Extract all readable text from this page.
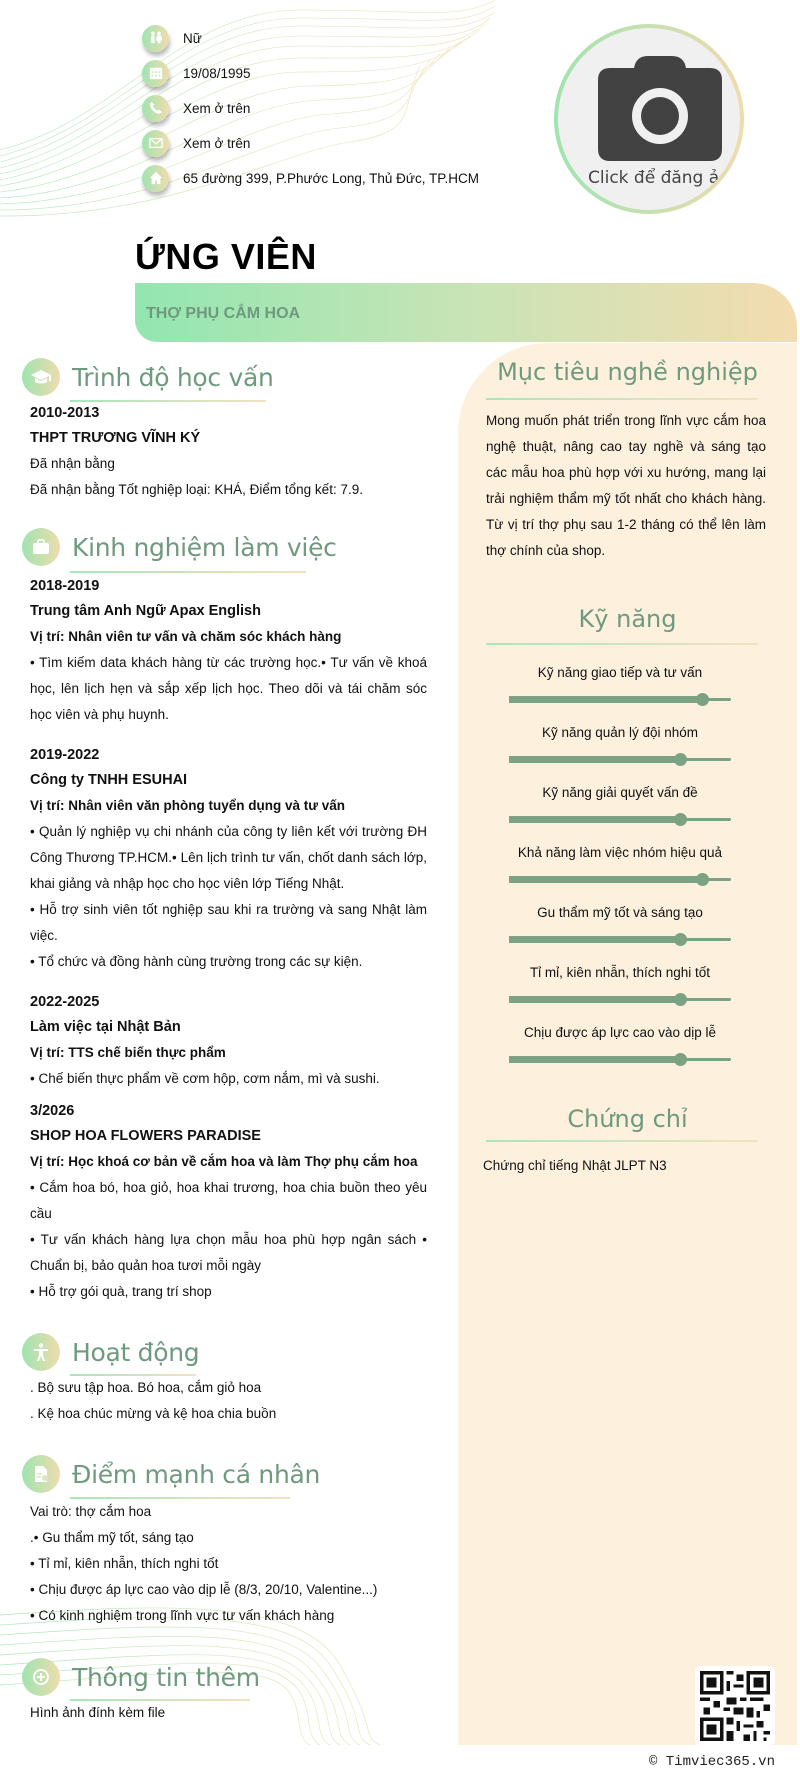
Nữ
19/08/1995
Xem ở trên
Xem ở trên
65 đường 399, P.Phước Long, Thủ Đức, TP.HCM	Click để đăng ả
ỨNG VIÊN
THỢ PHỤ CẮM HOA
Trình độ học vấn
2010-2013
THPT TRƯƠNG VĨNH KÝ
Đã nhận bằng
Đã nhận bằng Tốt nghiệp loại: KHÁ, Điểm tổng kết: 7.9.
Kinh nghiệm làm việc
2018-2019
Trung tâm Anh Ngữ Apax English
Vị trí: Nhân viên tư vấn và chăm sóc khách hàng
• Tìm kiếm data khách hàng từ các trường học.• Tư vấn về khoá học, lên lịch hẹn và sắp xếp lịch học. Theo dõi và tái chăm sóc học viên và phụ huynh.
2019-2022
Công ty TNHH ESUHAI
Vị trí: Nhân viên văn phòng tuyển dụng và tư vấn
• Quản lý nghiệp vụ chi nhánh của công ty liên kết với trường ĐH Công Thương TP.HCM.• Lên lịch trình tư vấn, chốt danh sách lớp, khai giảng và nhập học cho học viên lớp Tiếng Nhật.
• Hỗ trợ sinh viên tốt nghiệp sau khi ra trường và sang Nhật làm việc.
• Tổ chức và đồng hành cùng trường trong các sự kiện.
2022-2025
Làm việc tại Nhật Bản
Vị trí: TTS chế biến thực phẩm
• Chế biến thực phẩm về cơm hộp, cơm nắm, mì và sushi.
3/2026
SHOP HOA FLOWERS PARADISE
Vị trí: Học khoá cơ bản về cắm hoa và làm Thợ phụ cắm hoa
• Cắm hoa bó, hoa giỏ, hoa khai trương, hoa chia buồn theo yêu cầu
• Tư vấn khách hàng lựa chọn mẫu hoa phù hợp ngân sách • Chuẩn bị, bảo quản hoa tươi mỗi ngày
• Hỗ trợ gói quà, trang trí shop
Hoạt động
. Bộ sưu tập hoa. Bó hoa, cắm giỏ hoa
. Kệ hoa chúc mừng và kệ hoa chia buồn
Điểm mạnh cá nhân
Vai trò: thợ cắm hoa
.• Gu thẩm mỹ tốt, sáng tạo
• Tỉ mỉ, kiên nhẫn, thích nghi tốt
• Chịu được áp lực cao vào dịp lễ (8/3, 20/10, Valentine...)
• Có kinh nghiệm trong lĩnh vực tư vấn khách hàng
Thông tin thêm
Hình ảnh đính kèm file
Mục tiêu nghề nghiệp
Mong muốn phát triển trong lĩnh vực cắm hoa nghệ thuật, nâng cao tay nghề và sáng tạo các mẫu hoa phù hợp với xu hướng, mang lại trải nghiệm thẩm mỹ tốt nhất cho khách hàng. Từ vị trí thợ phụ sau 1-2 tháng có thể lên làm thợ chính của shop.
Kỹ năng
Kỹ năng giao tiếp và tư vấn
Kỹ năng quản lý đội nhóm
Kỹ năng giải quyết vấn đề
Khả năng làm việc nhóm hiệu quả
Gu thẩm mỹ tốt và sáng tạo
Tỉ mỉ, kiên nhẫn, thích nghi tốt
Chịu được áp lực cao vào dịp lễ
Chứng chỉ
Chứng chỉ tiếng Nhật JLPT N3
© Timviec365.vn
